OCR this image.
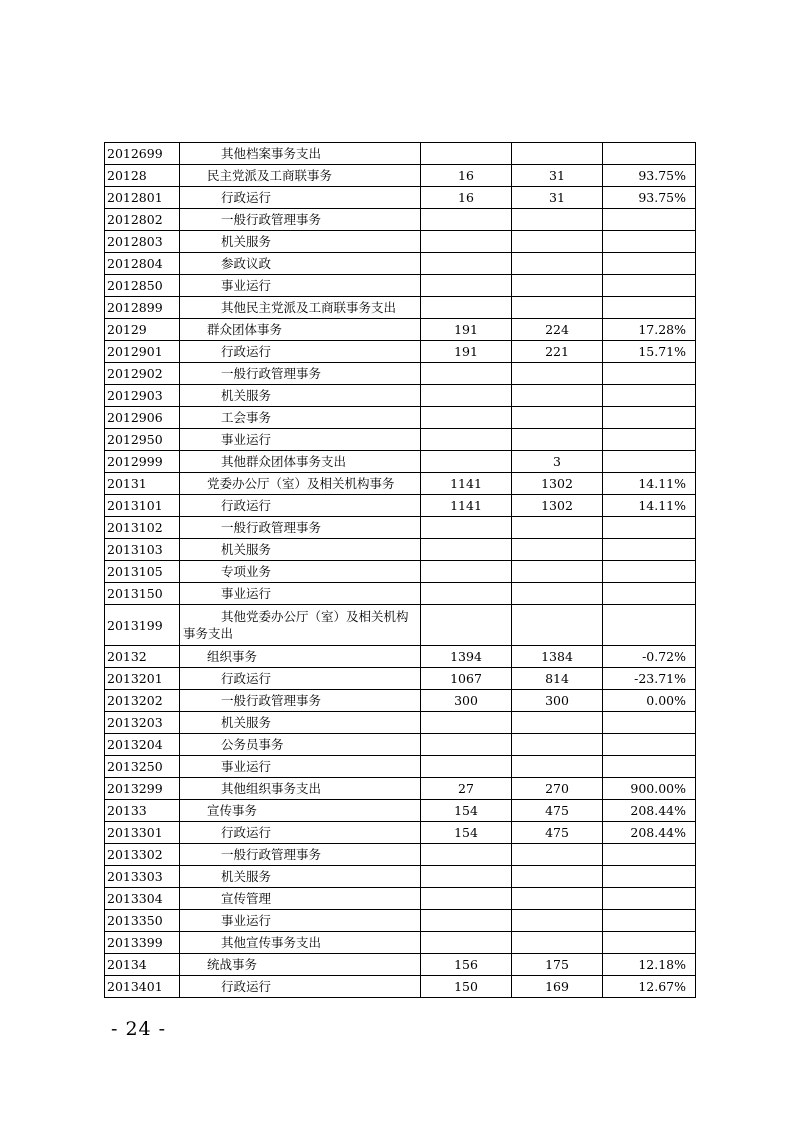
2012699	其他档案事务支出			
20128	民主党派及工商联事务	16	31	93.75%
2012801	行政运行	16	31	93.75%
2012802	一般行政管理事务			
2012803	机关服务			
2012804	参政议政			
2012850	事业运行			
2012899	其他民主党派及工商联事务支出			
20129	群众团体事务	191	224	17.28%
2012901	行政运行	191	221	15.71%
2012902	一般行政管理事务			
2012903	机关服务			
2012906	工会事务			
2012950	事业运行			
2012999	其他群众团体事务支出		3	
20131	党委办公厅（室）及相关机构事务	1141	1302	14.11%
2013101	行政运行	1141	1302	14.11%
2013102	一般行政管理事务			
2013103	机关服务			
2013105	专项业务			
2013150	事业运行			
2013199	其他党委办公厅（室）及相关机构
事务支出			
20132	组织事务	1394	1384	-0.72%
2013201	行政运行	1067	814	-23.71%
2013202	一般行政管理事务	300	300	0.00%
2013203	机关服务			
2013204	公务员事务			
2013250	事业运行			
2013299	其他组织事务支出	27	270	900.00%
20133	宣传事务	154	475	208.44%
2013301	行政运行	154	475	208.44%
2013302	一般行政管理事务			
2013303	机关服务			
2013304	宣传管理			
2013350	事业运行			
2013399	其他宣传事务支出			
20134	统战事务	156	175	12.18%
2013401	行政运行	150	169	12.67%
- 24 -
